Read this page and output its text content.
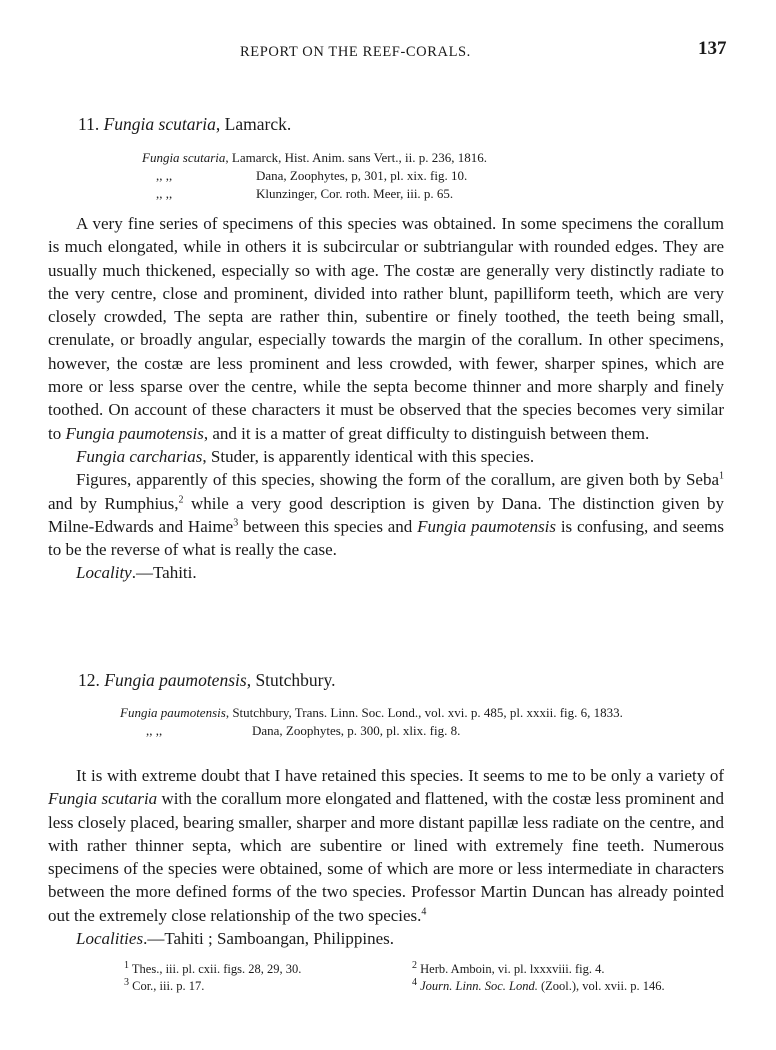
REPORT ON THE REEF-CORALS.	137
11. Fungia scutaria, Lamarck.
Fungia scutaria, Lamarck, Hist. Anim. sans Vert., ii. p. 236, 1816.
,, ,,	Dana, Zoophytes, p, 301, pl. xix. fig. 10.
,, ,,	Klunzinger, Cor. roth. Meer, iii. p. 65.

A very fine series of specimens of this species was obtained. In some specimens the corallum is much elongated, while in others it is subcircular or subtriangular with rounded edges. They are usually much thickened, especially so with age. The costæ are generally very distinctly radiate to the very centre, close and prominent, divided into rather blunt, papilliform teeth, which are very closely crowded, The septa are rather thin, subentire or finely toothed, the teeth being small, crenulate, or broadly angular, especially towards the margin of the corallum. In other specimens, however, the costæ are less prominent and less crowded, with fewer, sharper spines, which are more or less sparse over the centre, while the septa become thinner and more sharply and finely toothed. On account of these characters it must be observed that the species becomes very similar to Fungia paumotensis, and it is a matter of great difficulty to distinguish between them.

Fungia carcharias, Studer, is apparently identical with this species.

Figures, apparently of this species, showing the form of the corallum, are given both by Seba$^1$ and by Rumphius,$^2$ while a very good description is given by Dana. The distinction given by Milne-Edwards and Haime$^3$ between this species and Fungia paumotensis is confusing, and seems to be the reverse of what is really the case.

Locality.—Tahiti.

12. Fungia paumotensis, Stutchbury.
Fungia paumotensis, Stutchbury, Trans. Linn. Soc. Lond., vol. xvi. p. 485, pl. xxxii. fig. 6, 1833.
,, ,,	Dana, Zoophytes, p. 300, pl. xlix. fig. 8.

It is with extreme doubt that I have retained this species. It seems to me to be only a variety of Fungia scutaria with the corallum more elongated and flattened, with the costæ less prominent and less closely placed, bearing smaller, sharper and more distant papillæ less radiate on the centre, and with rather thinner septa, which are subentire or lined with extremely fine teeth. Numerous specimens of the species were obtained, some of which are more or less intermediate in characters between the more defined forms of the two species. Professor Martin Duncan has already pointed out the extremely close relationship of the two species.$^4$

Localities.—Tahiti ; Samboangan, Philippines.

$^1$ Thes., iii. pl. cxii. figs. 28, 29, 30.
$^3$ Cor., iii. p. 17.
$^2$ Herb. Amboin, vi. pl. lxxxviii. fig. 4.
$^4$ Journ. Linn. Soc. Lond. (Zool.), vol. xvii. p. 146.
